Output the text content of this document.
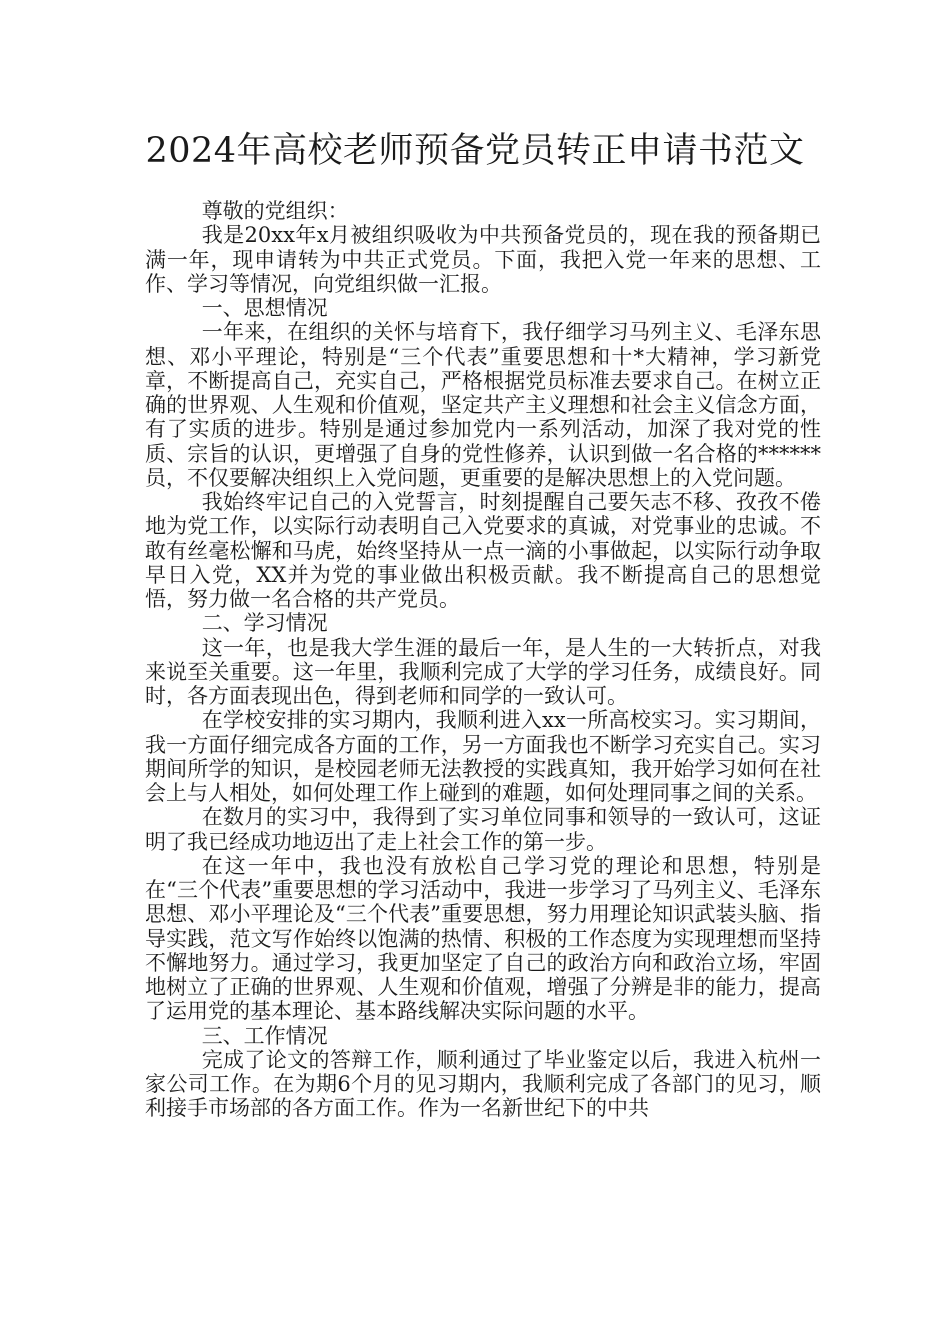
2024年高校老师预备党员转正申请书范文

尊敬的党组织：

我是20xx年x月被组织吸收为中共预备党员的，现在我的预备期已满一年，现申请转为中共正式党员。下面，我把入党一年来的思想、工作、学习等情况，向党组织做一汇报。

一、思想情况

一年来，在组织的关怀与培育下，我仔细学习马列主义、毛泽东思想、邓小平理论，特别是“三个代表”重要思想和十*大精神，学习新党章，不断提高自己，充实自己，严格根据党员标准去要求自己。在树立正确的世界观、人生观和价值观，坚定共产主义理想和社会主义信念方面，有了实质的进步。特别是通过参加党内一系列活动，加深了我对党的性质、宗旨的认识，更增强了自身的党性修养，认识到做一名合格的******员，不仅要解决组织上入党问题，更重要的是解决思想上的入党问题。

我始终牢记自己的入党誓言，时刻提醒自己要矢志不移、孜孜不倦地为党工作，以实际行动表明自己入党要求的真诚，对党事业的忠诚。不敢有丝毫松懈和马虎，始终坚持从一点一滴的小事做起，以实际行动争取早日入党，XX并为党的事业做出积极贡献。我不断提高自己的思想觉悟，努力做一名合格的共产党员。

二、学习情况

这一年，也是我大学生涯的最后一年，是人生的一大转折点，对我来说至关重要。这一年里，我顺利完成了大学的学习任务，成绩良好。同时，各方面表现出色，得到老师和同学的一致认可。

在学校安排的实习期内，我顺利进入xx一所高校实习。实习期间，我一方面仔细完成各方面的工作，另一方面我也不断学习充实自己。实习期间所学的知识，是校园老师无法教授的实践真知，我开始学习如何在社会上与人相处，如何处理工作上碰到的难题，如何处理同事之间的关系。

在数月的实习中，我得到了实习单位同事和领导的一致认可，这证明了我已经成功地迈出了走上社会工作的第一步。

在这一年中，我也没有放松自己学习党的理论和思想，特别是在“三个代表”重要思想的学习活动中，我进一步学习了马列主义、毛泽东思想、邓小平理论及“三个代表”重要思想，努力用理论知识武装头脑、指导实践，范文写作始终以饱满的热情、积极的工作态度为实现理想而坚持不懈地努力。通过学习，我更加坚定了自己的政治方向和政治立场，牢固地树立了正确的世界观、人生观和价值观，增强了分辨是非的能力，提高了运用党的基本理论、基本路线解决实际问题的水平。

三、工作情况

完成了论文的答辩工作，顺利通过了毕业鉴定以后，我进入杭州一家公司工作。在为期6个月的见习期内，我顺利完成了各部门的见习，顺利接手市场部的各方面工作。作为一名新世纪下的中共
